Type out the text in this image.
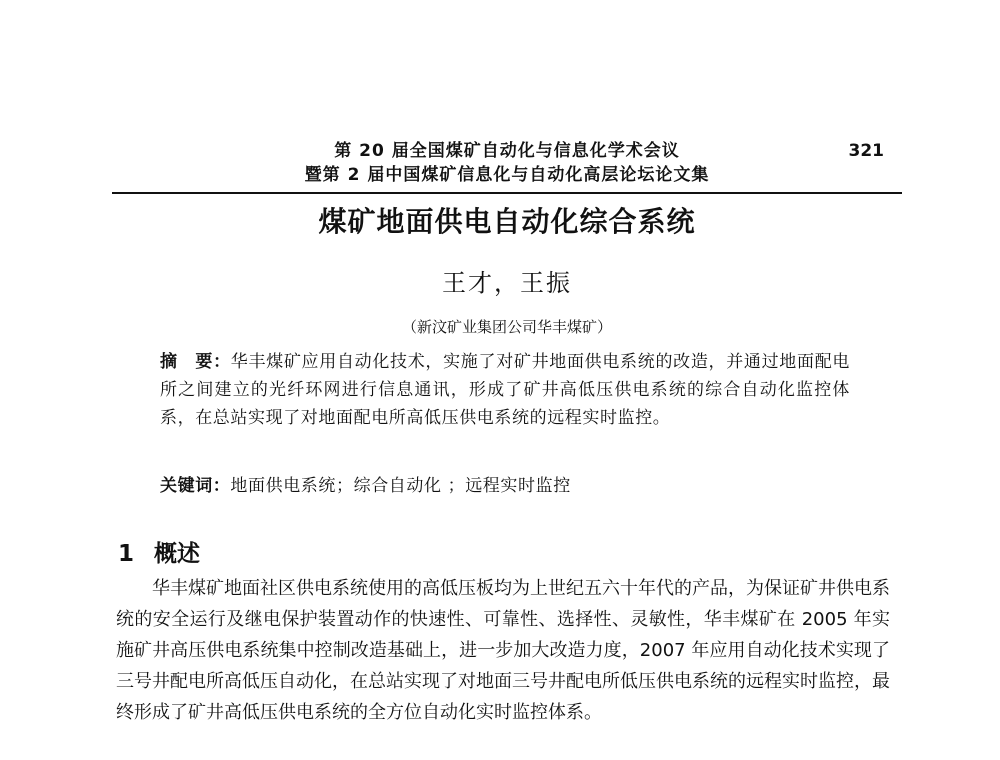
第 20 届全国煤矿自动化与信息化学术会议	321
暨第 2 届中国煤矿信息化与自动化高层论坛论文集
煤矿地面供电自动化综合系统
王才，王振
（新汶矿业集团公司华丰煤矿）
摘　要：华丰煤矿应用自动化技术，实施了对矿井地面供电系统的改造，并通过地面配电所之间建立的光纤环网进行信息通讯，形成了矿井高低压供电系统的综合自动化监控体系，在总站实现了对地面配电所高低压供电系统的远程实时监控。
关键词：地面供电系统；综合自动化 ；远程实时监控
1 概述
华丰煤矿地面社区供电系统使用的高低压板均为上世纪五六十年代的产品，为保证矿井供电系统的安全运行及继电保护装置动作的快速性、可靠性、选择性、灵敏性，华丰煤矿在 2005 年实施矿井高压供电系统集中控制改造基础上，进一步加大改造力度，2007 年应用自动化技术实现了三号井配电所高低压自动化，在总站实现了对地面三号井配电所低压供电系统的远程实时监控，最终形成了矿井高低压供电系统的全方位自动化实时监控体系。
